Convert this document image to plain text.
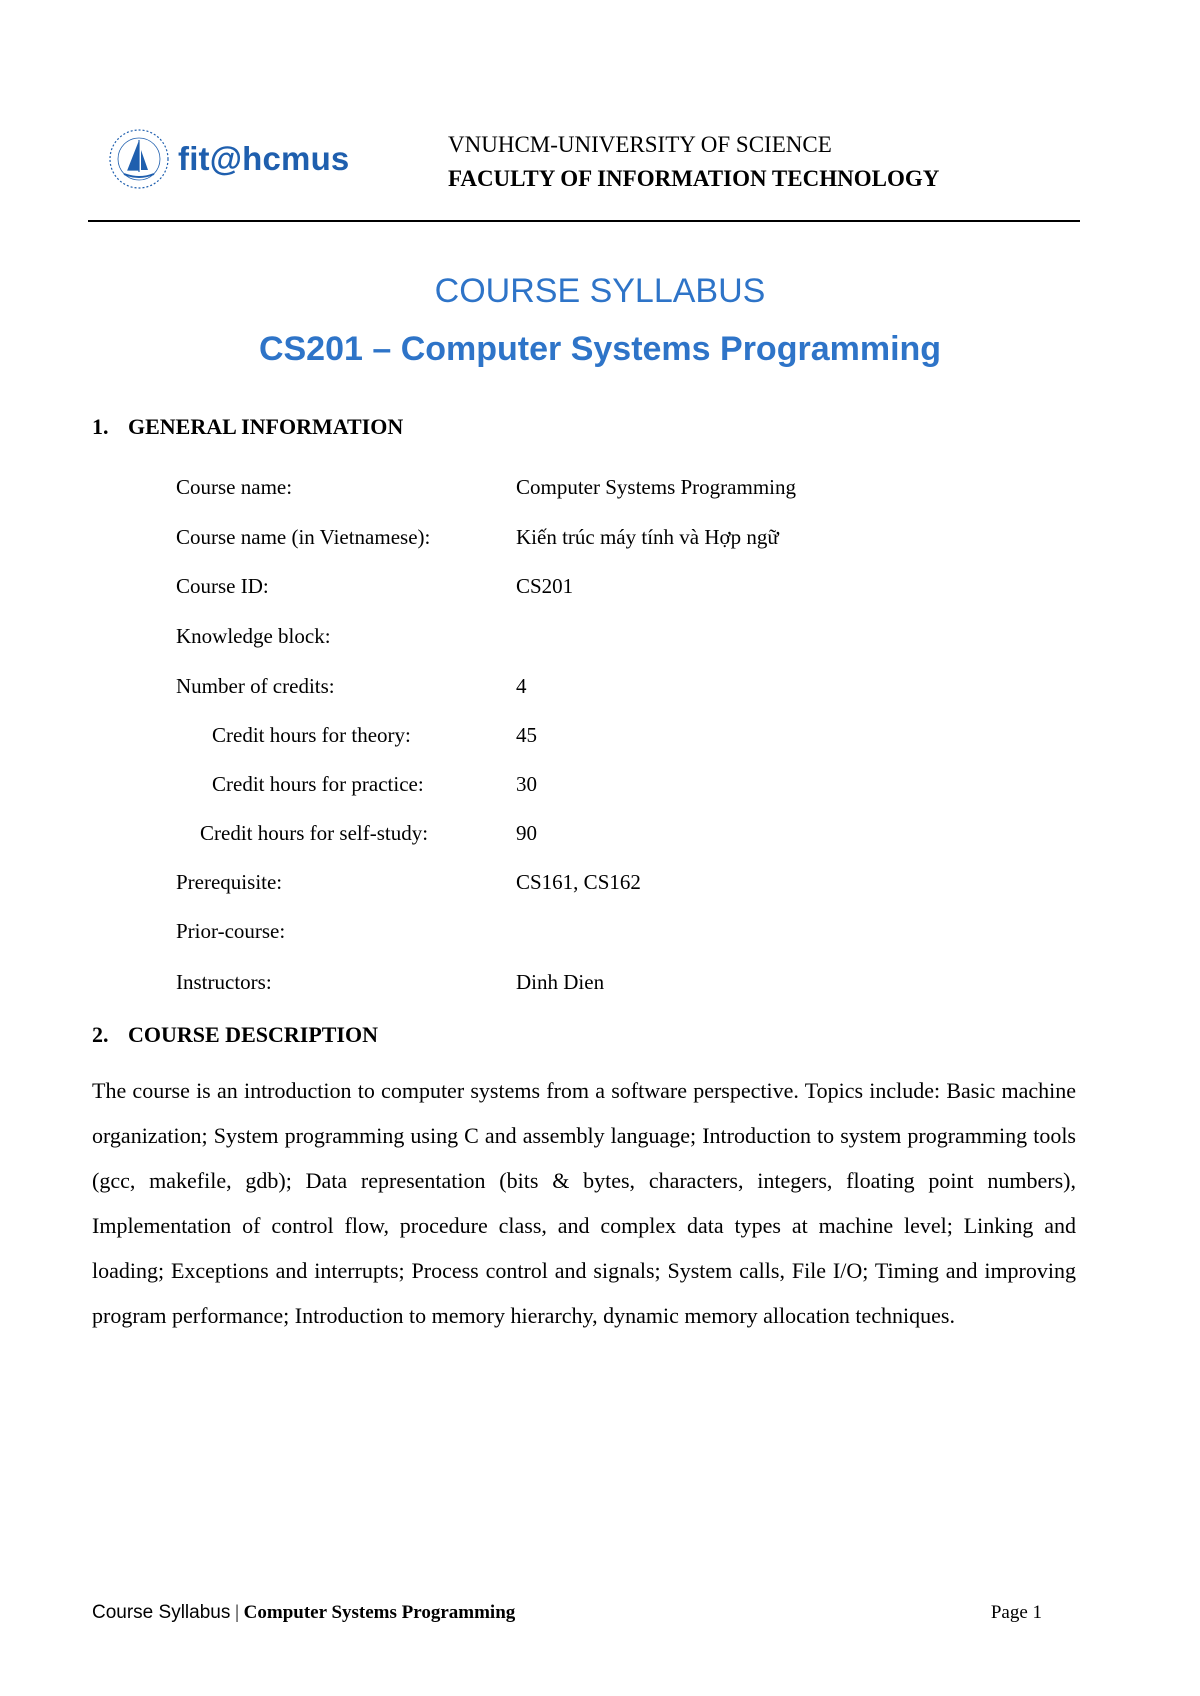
fit@hcmus	VNUHCM-UNIVERSITY OF SCIENCE
FACULTY OF INFORMATION TECHNOLOGY
COURSE SYLLABUS
CS201 – Computer Systems Programming
1. GENERAL INFORMATION
Course name:	Computer Systems Programming
Course name (in Vietnamese):	Kiến trúc máy tính và Hợp ngữ
Course ID:	CS201
Knowledge block:
Number of credits:	4
Credit hours for theory:	45
Credit hours for practice:	30
Credit hours for self-study:	90
Prerequisite:	CS161, CS162
Prior-course:
Instructors:	Dinh Dien
2. COURSE DESCRIPTION

The course is an introduction to computer systems from a software perspective. Topics include: Basic machine organization; System programming using C and assembly language; Introduction to system programming tools (gcc, makefile, gdb); Data representation (bits & bytes, characters, integers, floating point numbers), Implementation of control flow, procedure class, and complex data types at machine level; Linking and loading; Exceptions and interrupts; Process control and signals; System calls, File I/O; Timing and improving program performance; Introduction to memory hierarchy, dynamic memory allocation techniques.

Course Syllabus | Computer Systems Programming	Page 1
